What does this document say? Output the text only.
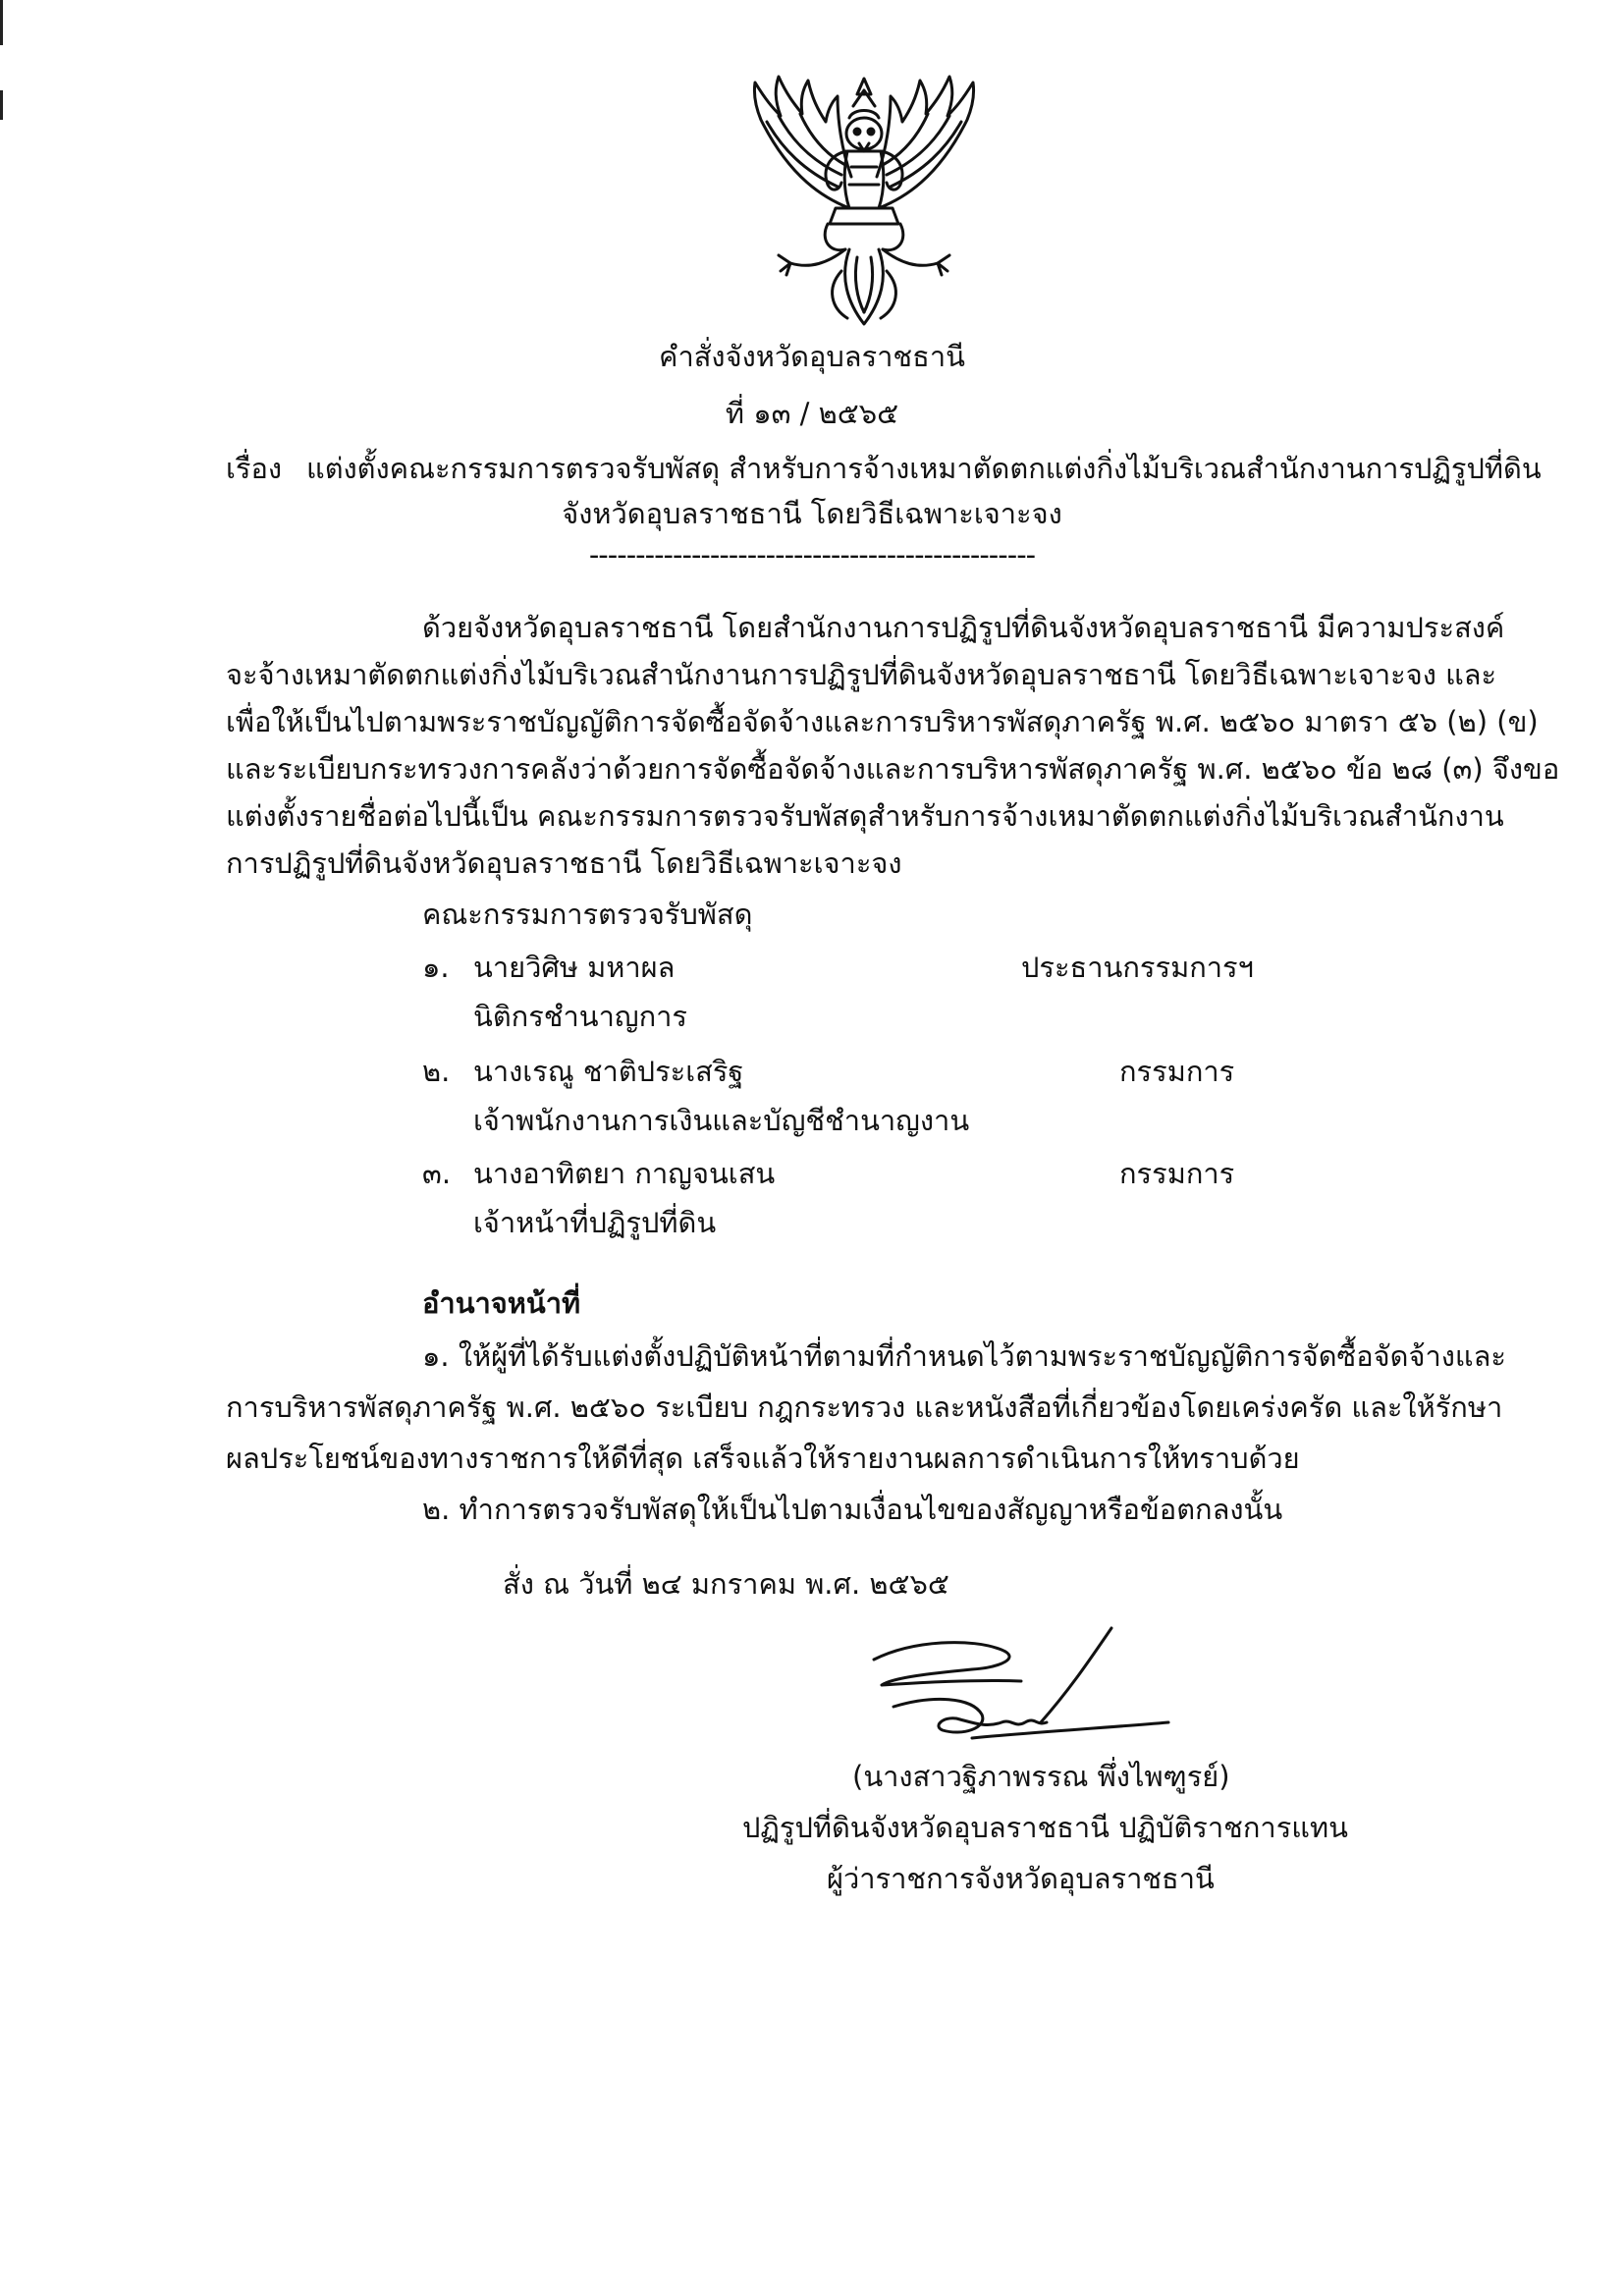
คำสั่งจังหวัดอุบลราชธานี
ที่ ๑๓ / ๒๕๖๕
เรื่อง แต่งตั้งคณะกรรมการตรวจรับพัสดุ สำหรับการจ้างเหมาตัดตกแต่งกิ่งไม้บริเวณสำนักงานการปฏิรูปที่ดิน
จังหวัดอุบลราชธานี โดยวิธีเฉพาะเจาะจง
------------------------------------------------
ด้วยจังหวัดอุบลราชธานี โดยสำนักงานการปฏิรูปที่ดินจังหวัดอุบลราชธานี มีความประสงค์
จะจ้างเหมาตัดตกแต่งกิ่งไม้บริเวณสำนักงานการปฏิรูปที่ดินจังหวัดอุบลราชธานี โดยวิธีเฉพาะเจาะจง และ
เพื่อให้เป็นไปตามพระราชบัญญัติการจัดซื้อจัดจ้างและการบริหารพัสดุภาครัฐ พ.ศ. ๒๕๖๐ มาตรา ๕๖ (๒) (ข)
และระเบียบกระทรวงการคลังว่าด้วยการจัดซื้อจัดจ้างและการบริหารพัสดุภาครัฐ พ.ศ. ๒๕๖๐ ข้อ ๒๘ (๓) จึงขอ
แต่งตั้งรายชื่อต่อไปนี้เป็น คณะกรรมการตรวจรับพัสดุสำหรับการจ้างเหมาตัดตกแต่งกิ่งไม้บริเวณสำนักงาน
การปฏิรูปที่ดินจังหวัดอุบลราชธานี โดยวิธีเฉพาะเจาะจง
คณะกรรมการตรวจรับพัสดุ
๑. นายวิศิษ มหาผล	ประธานกรรมการฯ
นิติกรชำนาญการ
๒. นางเรณู ชาติประเสริฐ	กรรมการ
เจ้าพนักงานการเงินและบัญชีชำนาญงาน
๓. นางอาทิตยา กาญจนเสน	กรรมการ
เจ้าหน้าที่ปฏิรูปที่ดิน
อำนาจหน้าที่
๑. ให้ผู้ที่ได้รับแต่งตั้งปฏิบัติหน้าที่ตามที่กำหนดไว้ตามพระราชบัญญัติการจัดซื้อจัดจ้างและ
การบริหารพัสดุภาครัฐ พ.ศ. ๒๕๖๐ ระเบียบ กฎกระทรวง และหนังสือที่เกี่ยวข้องโดยเคร่งครัด และให้รักษา
ผลประโยชน์ของทางราชการให้ดีที่สุด เสร็จแล้วให้รายงานผลการดำเนินการให้ทราบด้วย
๒. ทำการตรวจรับพัสดุให้เป็นไปตามเงื่อนไขของสัญญาหรือข้อตกลงนั้น
สั่ง ณ วันที่ ๒๔ มกราคม พ.ศ. ๒๕๖๕
(นางสาวฐิภาพรรณ พึ่งไพฑูรย์)
ปฏิรูปที่ดินจังหวัดอุบลราชธานี ปฏิบัติราชการแทน
ผู้ว่าราชการจังหวัดอุบลราชธานี
